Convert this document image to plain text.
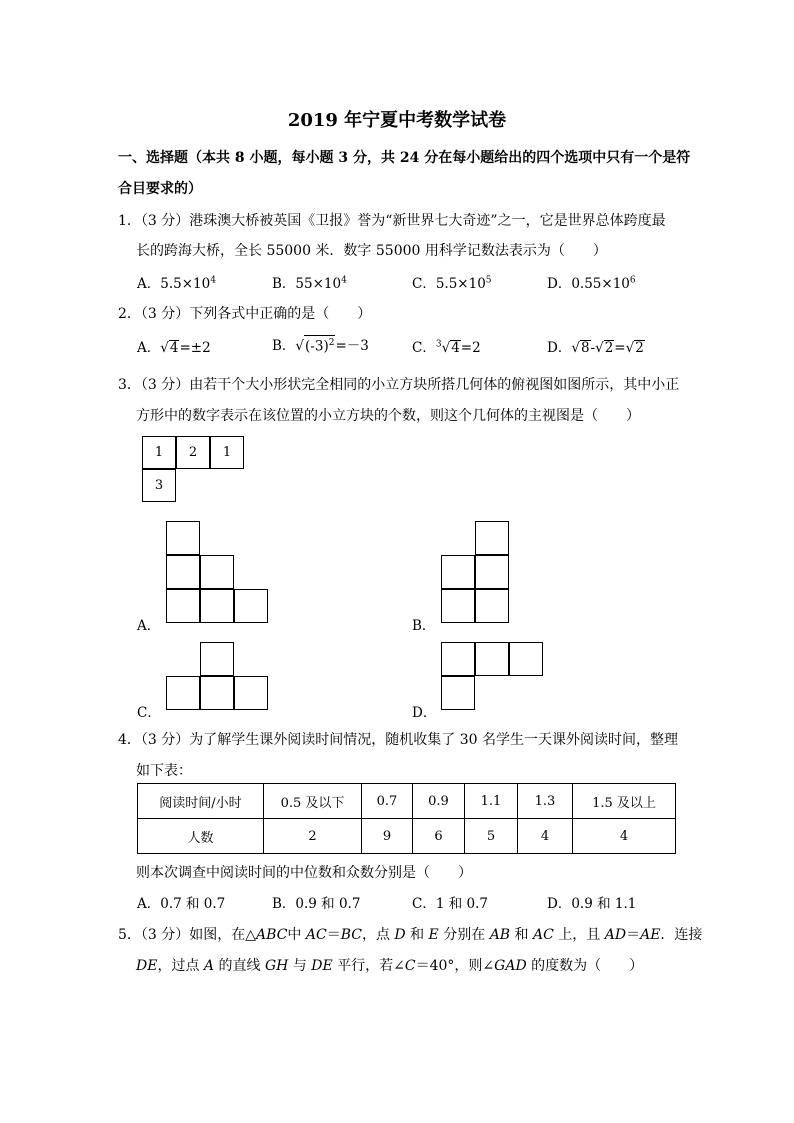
2019 年宁夏中考数学试卷
一、选择题（本共 8 小题，每小题 3 分，共 24 分在每小题给出的四个选项中只有一个是符
合目要求的）
1．（3 分）港珠澳大桥被英国《卫报》誉为“新世界七大奇迹”之一，它是世界总体跨度最
长的跨海大桥，全长 55000 米．数字 55000 用科学记数法表示为（　　）
A．$5.5\times 10^4$	B．$55\times 10^4$	C．$5.5\times 10^5$	D．$0.55\times 10^6$
2．（3 分）下列各式中正确的是（　　）
A．√4=±2	B．$√(-3)^2=-3$	C．$^3$√4=2	D．√8-√2=√2
3．（3 分）由若干个大小形状完全相同的小立方块所搭几何体的俯视图如图所示，其中小正
方形中的数字表示在该位置的小立方块的个数，则这个几何体的主视图是（　　）
1	2	1
3
A．	B．
C．	D．
4．（3 分）为了解学生课外阅读时间情况，随机收集了 30 名学生一天课外阅读时间，整理
如下表：
阅读时间/小时	0.5 及以下	0.7	0.9	1.1	1.3	1.5 及以上
人数	2	9	6	5	4	4
则本次调查中阅读时间的中位数和众数分别是（　　）
A．0.7 和 0.7	B．0.9 和 0.7	C．1 和 0.7	D．0.9 和 1.1
5．（3 分）如图，在△ABC中 AC＝BC，点 D 和 E 分别在 AB 和 AC 上，且 AD＝AE．连接
DE，过点 A 的直线 GH 与 DE 平行，若∠C＝40°，则∠GAD 的度数为（　　）
